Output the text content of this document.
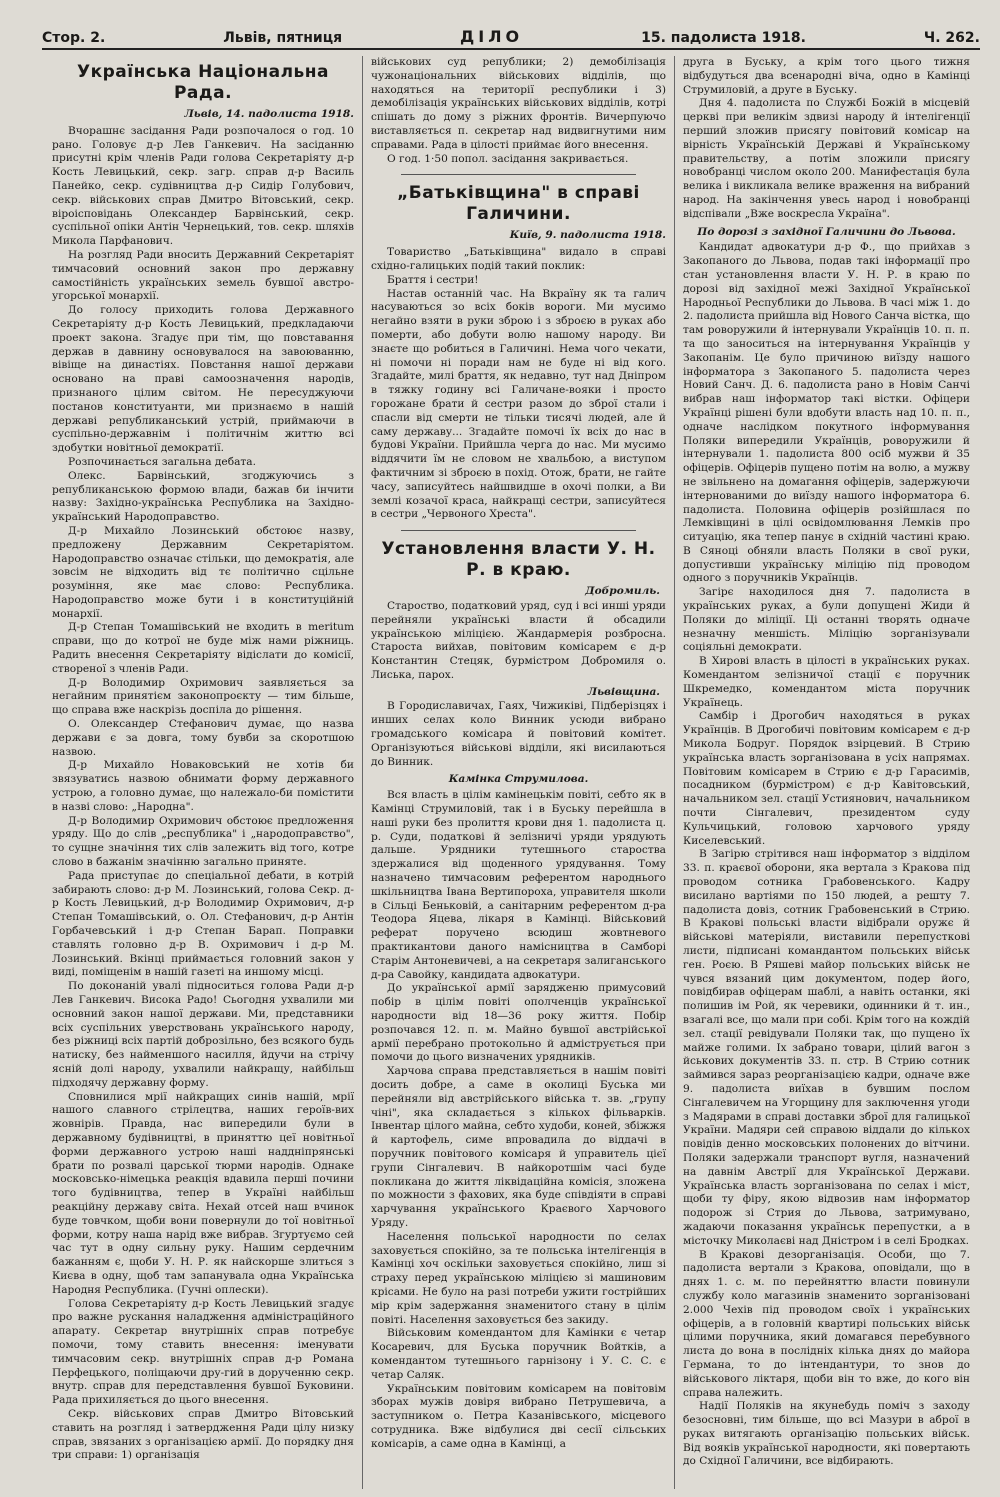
Стор. 2.	Львів, пятниця	ДІЛО	15. падолиста 1918.	Ч. 262.
Українська Національна Рада.
Львів, 14. падолиста 1918.

Вчорашнє засідання Ради розпочалося о год. 10 рано. Головує д-р Лев Ганкевич. На засіданню присутні крім членів Ради голова Секретаріяту д-р Кость Левицький, секр. загр. справ д-р Василь Панейко, секр. судівництва д-р Сидір Голубович, секр. військових справ Дмитро Вітовський, секр. віроісповідань Олександер Барвінський, секр. суспільної опіки Антін Чернецький, тов. секр. шляхів Микола Парфанович.

На розгляд Ради вносить Державний Секретаріят тимчасовий основний закон про державну самостійність українських земель бувшої австро-угорської монархії.

До голосу приходить голова Державного Секретаріяту д-р Кость Левицький, предкладаючи проект закона. Згадує при тім, що повставання держав в давнину основувалося на завоюванню, вівіще на династіях. Повстання нашої держави основано на праві самоозначення народів, признаного цілим світом. Не пересуджуючи постанов конституанти, ми признаємо в нашій державі републиканський устрій, приймаючи в суспільно-державнім і політичнім життю всі здобутки новітньої демократії.

Розпочинається загальна дебата.

Олекс. Барвінський, згоджуючись з републиканською формою влади, бажав би інчити назву: Західно-українська Республика на Західно-український Народоправство.

Д-р Михайло Лозинський обстоює назву, предложену Державним Секретаріятом. Народоправство означає стільки, що демократія, але зовсім не відходить від тє політично сцільне розуміння, яке має слово: Республика. Народоправство може бути і в конституційній монархії.

Д-р Степан Томашівський не входить в meritum справи, що до котрої не буде між нами ріжниць. Радить внесення Секретаріяту відіслати до комісії, створеної з членів Ради.

Д-р Володимир Охримович заявляється за негайним принятієм законопроєкту — тим більше, що справа вже наскрізь доспіла до рішення.

О. Олександер Стефанович думає, що назва держави є за довга, тому бувби за скоротшою назвою.

Д-р Михайло Новаковський не хотів би звязуватись назвою обнимати форму державного устрою, а головно думає, що належало-би помістити в назві слово: „Народна".

Д-р Володимир Охримович обстоює предложення уряду. Що до слів „республика" і „народоправство", то сущне значіння тих слів залежить від того, котре слово в бажанім значінню загально приняте.

Рада приступає до спеціальної дебати, в котрій забирають слово: д-р М. Лозинський, голова Секр. д-р Кость Левицький, д-р Володимир Охримович, д-р Степан Томашівський, о. Ол. Стефанович, д-р Антін Горбачевський і д-р Степан Барап. Поправки ставлять головно д-р В. Охримович і д-р М. Лозинський. Вкінці приймається головний закон у виді, поміщенім в нашій газеті на иншому місці.

По доконаній увалі підноситься голова Ради д-р Лев Ганкевич. Висока Радо! Сьогодня ухвалили ми основний закон нашої держави. Ми, представники всіх суспільних уверствовань українського народу, без ріжниці всіх партій доброзільно, без всякого будь натиску, без найменшого насилля, йдучи на стрічу ясній долі народу, ухвалили найкращу, найбільш підходячу державну форму.

Сповнилися мрії найкращих синів нашій, мрії нашого славного стрілецтва, наших героїв-вих жовнірів. Правда, нас випередили були в державному будівництві, в приняттю цеї новітньої форми державного устрою наші наддніпрянські брати по розвалі царської тюрми народів. Однаке московсько-німецька реакція вдавила перші почини того будівництва, тепер в Україні найбільш реакційну державу світа. Нехай отсей наш вчинок буде товчком, щоби вони повернули до тої новітньої форми, котру наша нарід вже вибрав. Згуртуємо сей час тут в одну сильну руку. Нашим сердечним бажанням є, щоби У. Н. Р. як найскорше злиться з Києва в одну, щоб там запанувала одна Українська Народня Республика. (Гучні оплески).

Голова Секретаріяту д-р Кость Левицький згадує про важне рускання наладження адміністраційного апарату. Секретар внутрішніх справ потребує помочи, тому ставить внесення: іменувати тимчасовим секр. внутрішніх справ д-р Романа Перфецького, поліщаючи дру-гий в дорученню секр. внутр. справ для передставлення бувшої Буковини. Рада прихиляється до цього внесення.

Секр. військових справ Дмитро Вітовський ставить на розгляд і затвердження Ради цілу низку справ, звязаних з організацією армії. До порядку дня три справи: 1) організація

військових суд републики; 2) демобілізація чужонаціональних військових відділів, що находяться на території республики і 3) демобілізація українських військових відділів, котрі спішать до дому з ріжних фронтів. Вичерпуючо виставляється п. секретар над видвигнутими ним справами. Рада в цілості приймає його внесення.

О год. 1·50 попол. засідання закривається.

„Батьківщина" в справі Галичини.
Київ, 9. падолиста 1918.

Товариство „Батьківщина" видало в справі східно-галицьких подій такий поклик:

Браття і сестри!

Настав останній час. На Вкраїну як та галич насуваються зо всіх боків вороги. Ми мусимо негайно взяти в руки зброю і з зброєю в руках або померти, або добути волю нашому народу. Ви знаєте що робиться в Галичині. Нема чого чекати, ні помочи ні поради нам не буде ні від кого. Згадайте, милі браття, як недавно, тут над Дніпром в тяжку годину всі Галичане-вояки і просто горожане брати й сестри разом до зброї стали і спасли від смерти не тільки тисячі людей, але й саму державу... Згадайте помочі їх всіх до нас в будові України. Прийшла черга до нас. Ми мусимо віддячити їм не словом не хвальбою, а виступом фактичним зі зброєю в похід. Отож, брати, не гайте часу, записуйтесь найшвидше в охочі полки, а Ви землі козачої краса, найкращі сестри, записуйтеся в сестри „Червоного Хреста".

Установлення власти У. Н. Р. в краю.
Добромиль.

Староство, податковий уряд, суд і всі инші уряди перейняли українські власти й обсадили українською міліцією. Жандармерія розбросна. Староста вийхав, повітовим комісарем є д-р Константин Стецяк, бурмістром Добромиля о. Лиська, парох.

Львівщина.

В Городиславичах, Гаях, Чижиківі, Підберізцях і инших селах коло Винник усюди вибрано громадського комісара й повітовий комітет. Організуються військові відділи, які висилаються до Винник.

Камінка Струмилова.

Вся власть в цілім камінецькім повіті, себто як в Камінці Струмиловій, так і в Буську перейшла в наші руки без пролиття крови дня 1. падолиста ц. р. Суди, податкові й зелізничі уряди урядують дальше. Урядники тутешнього староства здержалися від щоденного урядування. Тому назначено тимчасовим референтом народнього шкільництва Івана Вертипороха, управителя школи в Сільці Беньковій, а санітарним референтом д-ра Теодора Яцева, лікаря в Камінці. Військовий реферат поручено всюдиш жовтневого практикантови даного намісництва в Самборі Старім Антоневичеві, а на секретаря залиганського д-ра Савойку, кандидата адвокатури.

До української армії зарядженю примусовий побір в цілім повіті ополченців української народности від 18—36 року життя. Побір розпочався 12. п. м. Майно бувшої австрійської армії перебрано протокольно й адміструється при помочи до цього визначених урядників.

Харчова справа представляється в нашім повіті досить добре, а саме в околиці Буська ми перейняли від австрійського війська т. зв. „групу чіні", яка складається з кількох фільварків. Інвентар цілого майна, себто худоби, коней, збіжжя й картофель, симе впровадила до віддачі в поручник повітового комісаря й управитель цієї групи Сінгалевич. В найкоротшім часі буде покликана до життя ліквідаційна комісія, зложена по можности з фахових, яка буде співдіяти в справі харчування українського Краєвого Харчового Уряду.

Населення польської народности по селах заховується спокійно, за те польська інтелігенція в Камінці хоч оскільки заховується спокійно, лиш зі страху перед українською міліцією зі машиновим крісами. Не було на разі потреби ужити гострійших мір крім задержання знаменитого стану в цілім повіті. Населення заховується без закиду.

Військовим комендантом для Камінки є четар Косаревич, для Буська поручник Войтків, а комендантом тутешнього гарнізону і У. С. С. є четар Саляк.

Українським повітовим комісарем на повітовім зборах мужів довіря вибрано Петрушевича, а заступником о. Петра Казанівського, місцевого сотрудника. Вже відбулися дві сесії сільських комісарів, а саме одна в Камінці, а

друга в Буську, а крім того цього тижня відбудуться два всенародні віча, одно в Камінці Струмиловій, а друге в Буську.

Дня 4. падолиста по Службі Божій в місцевій церкві при великім здвизі народу й інтелігенції перший зложив присягу повітовий комісар на вірність Українській Державі й Українському правительству, а потім зложили присягу новобранці числом около 200. Манифестація була велика і викликала велике враження на вибраний народ. На закінчення увесь народ і новобранці відспівали „Вже воскресла Україна".

По дорозі з західної Галичини до Львова.

Кандидат адвокатури д-р Ф., що прийхав з Закопаного до Львова, подав такі інформації про стан установлення власти У. Н. Р. в краю по дорозі від західної межі Західної Української Народньої Республики до Львова. В часі між 1. до 2. падолиста прийшла від Нового Санча вістка, що там роворужили й інтернували Українців 10. п. п. та що заноситься на інтернування Українців у Закопанім. Це було причиною виїзду нашого інформатора з Закопаного 5. падолиста через Новий Санч. Д. 6. падолиста рано в Новім Санчі вибрав наш інформатор такі вістки. Офіцери Українці рішені були вдобути власть над 10. п. п., одначе наслідком покутного інформування Поляки випередили Українців, роворужили й інтернували 1. падолиста 800 осіб мужви й 35 офіцерів. Офіцерів пущено потім на волю, а мужву не звільнено на домагання офіцерів, задержуючи інтернованими до виїзду нашого інформатора 6. падолиста. Половина офіцерів розійшлася по Лемківщині в цілі освідомлювання Лемків про ситуацію, яка тепер панує в східній частині краю. В Сяноці обняли власть Поляки в свої руки, допустивши українську міліцію під проводом одного з поручників Українців.

Загірє находилося дня 7. падолиста в українських руках, а були допущені Жиди й Поляки до міліції. Ці останні творять одначе незначну меншість. Міліцію зорганізували соціяльні демократи.

В Хирові власть в цілості в українських руках. Комендантом зелізничої стації є поручник Шкремедко, комендантом міста поручник Українець.

Самбір і Дрогобич находяться в руках Українців. В Дрогобичі повітовим комісарем є д-р Микола Бодруг. Порядок взірцевий. В Стрию українська власть зорганізована в усіх напрямах. Повітовим комісарем в Стрию є д-р Гарасимів, посадником (бурмістром) є д-р Кавітовський, начальником зел. стації Устиянович, начальником почти Сінгалевич, президентом суду Кульчицький, головою харчового уряду Киселевський.

В Загірю стрітився наш інформатор з відділом 33. п. краєвої оборони, яка вертала з Кракова під проводом сотника Грабовенського. Кадру висилано вартіями по 150 людей, а решту 7. падолиста довіз, сотник Грабовенський в Стрию. В Кракові польські власти відібрали оружє й військові матеріяли, виставили перепусткові листи, підписані командантом польських військ ген. Роєю. В Ряшеві майор польських військ не чувся вязаний цим документом, подер його, повідбирав офіцерам шаблі, а навіть останки, які полишив ім Рой, як черевики, одинники й т. ин., взагалі все, що мали при собі. Крім того на кождій зел. стації ревідували Поляки так, що пущено їх майже голими. Іх забрано товари, цілий вагон з йськових документів 33. п. стр. В Стрию сотник займився зараз реорганізацією кадри, одначе вже 9. падолиста виїхав в бувшим послом Сінгалевичем на Угорщину для заключення угоди з Мадярами в справі доставки зброї для галицької України. Мадяри сей справою віддали до кількох повідів денно московських полонених до вітчини. Поляки задержали транспорт вугля, назначений на давнім Австрії для Української Держави. Українська власть зорганізована по селах і міст, щоби ту фіру, якою відвозив нам інформатор подорож зі Стрия до Львова, затримувано, жадаючи показання українськ перепустки, а в місточку Миколаєві над Дністром і в селі Бродках.

В Кракові дезорганізація. Особи, що 7. падолиста вертали з Кракова, оповідали, що в днях 1. с. м. по перейняттю власти повинули службу коло магазинів знаменито зорганізовані 2.000 Чехів під проводом своїх і українських офіцерів, а в головній квартирі польських військ цілими поручника, який домагався перебувного листа до вона в послідніх кілька днях до майора Германа, то до інтендантури, то знов до військового ліктаря, щоби він то вже, до кого він справа належить.

Надії Поляків на якунебудь поміч з заходу безосновні, тим більше, що всі Мазури в аброї в руках витягають організацію польських військ. Від вояків української народности, які повертають до Східної Галичини, все відбирають.
